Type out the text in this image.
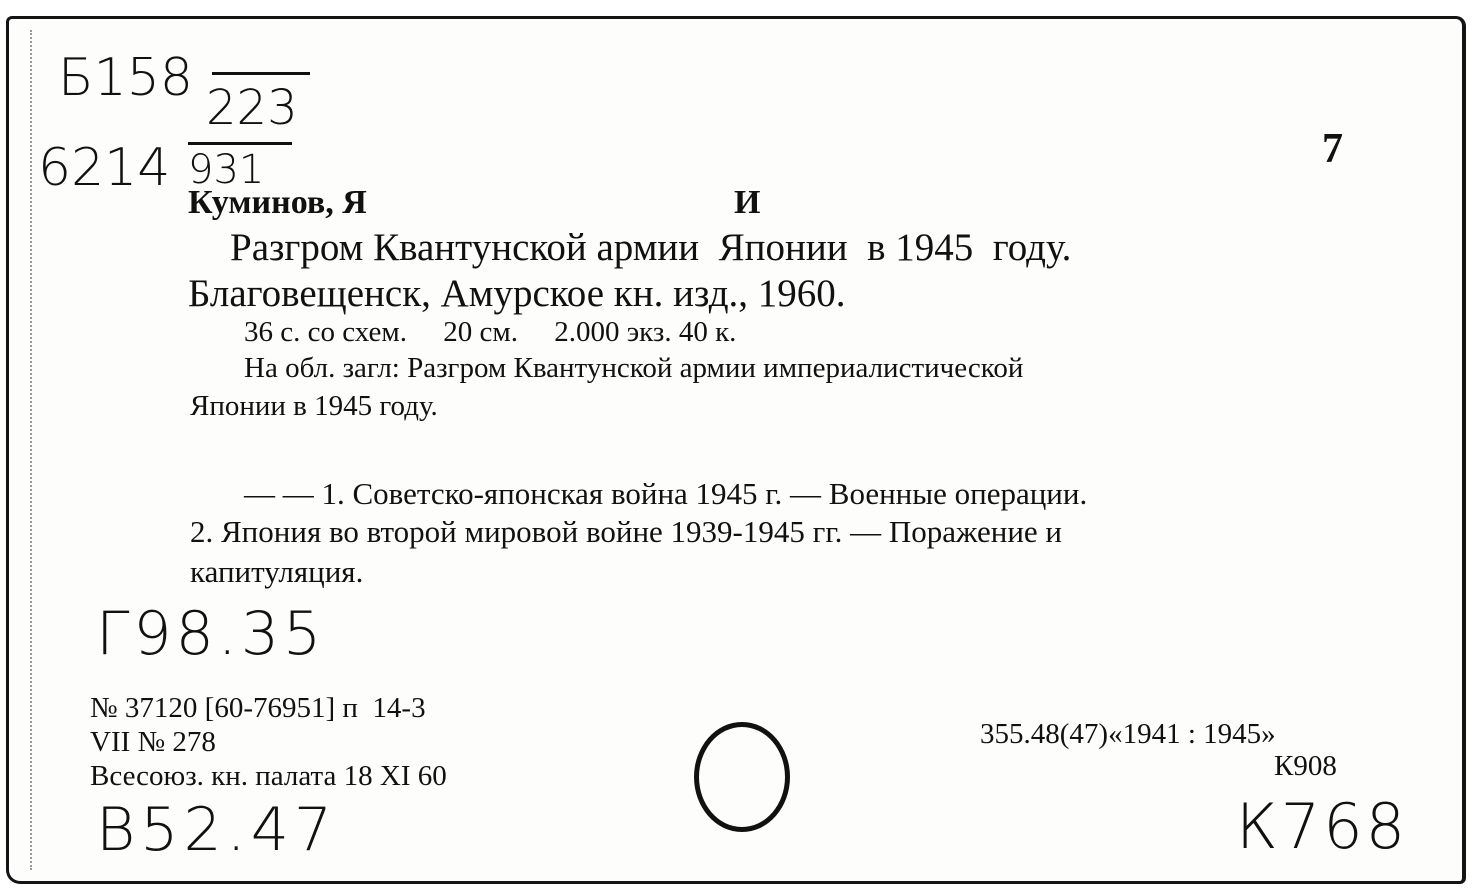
Б158 223
6214 931	7
Куминов, Я	И
Разгром Квантунской армии  Японии  в 1945  году.
Благовещенск, Амурское кн. изд., 1960.
36 с. со схем.     20 см.     2.000 экз. 40 к.
На обл. загл: Разгром Квантунской армии империалистической
Японии в 1945 году.
— — 1. Советско-японская война 1945 г. — Военные операции.
2. Япония во второй мировой войне 1939-1945 гг. — Поражение и
капитуляция.
Г98.35
№ 37120 [60-76951] п  14-3
VII № 278
Всесоюз. кн. палата 18 XI 60
355.48(47)«1941 : 1945»
К908
В52.47	К768
